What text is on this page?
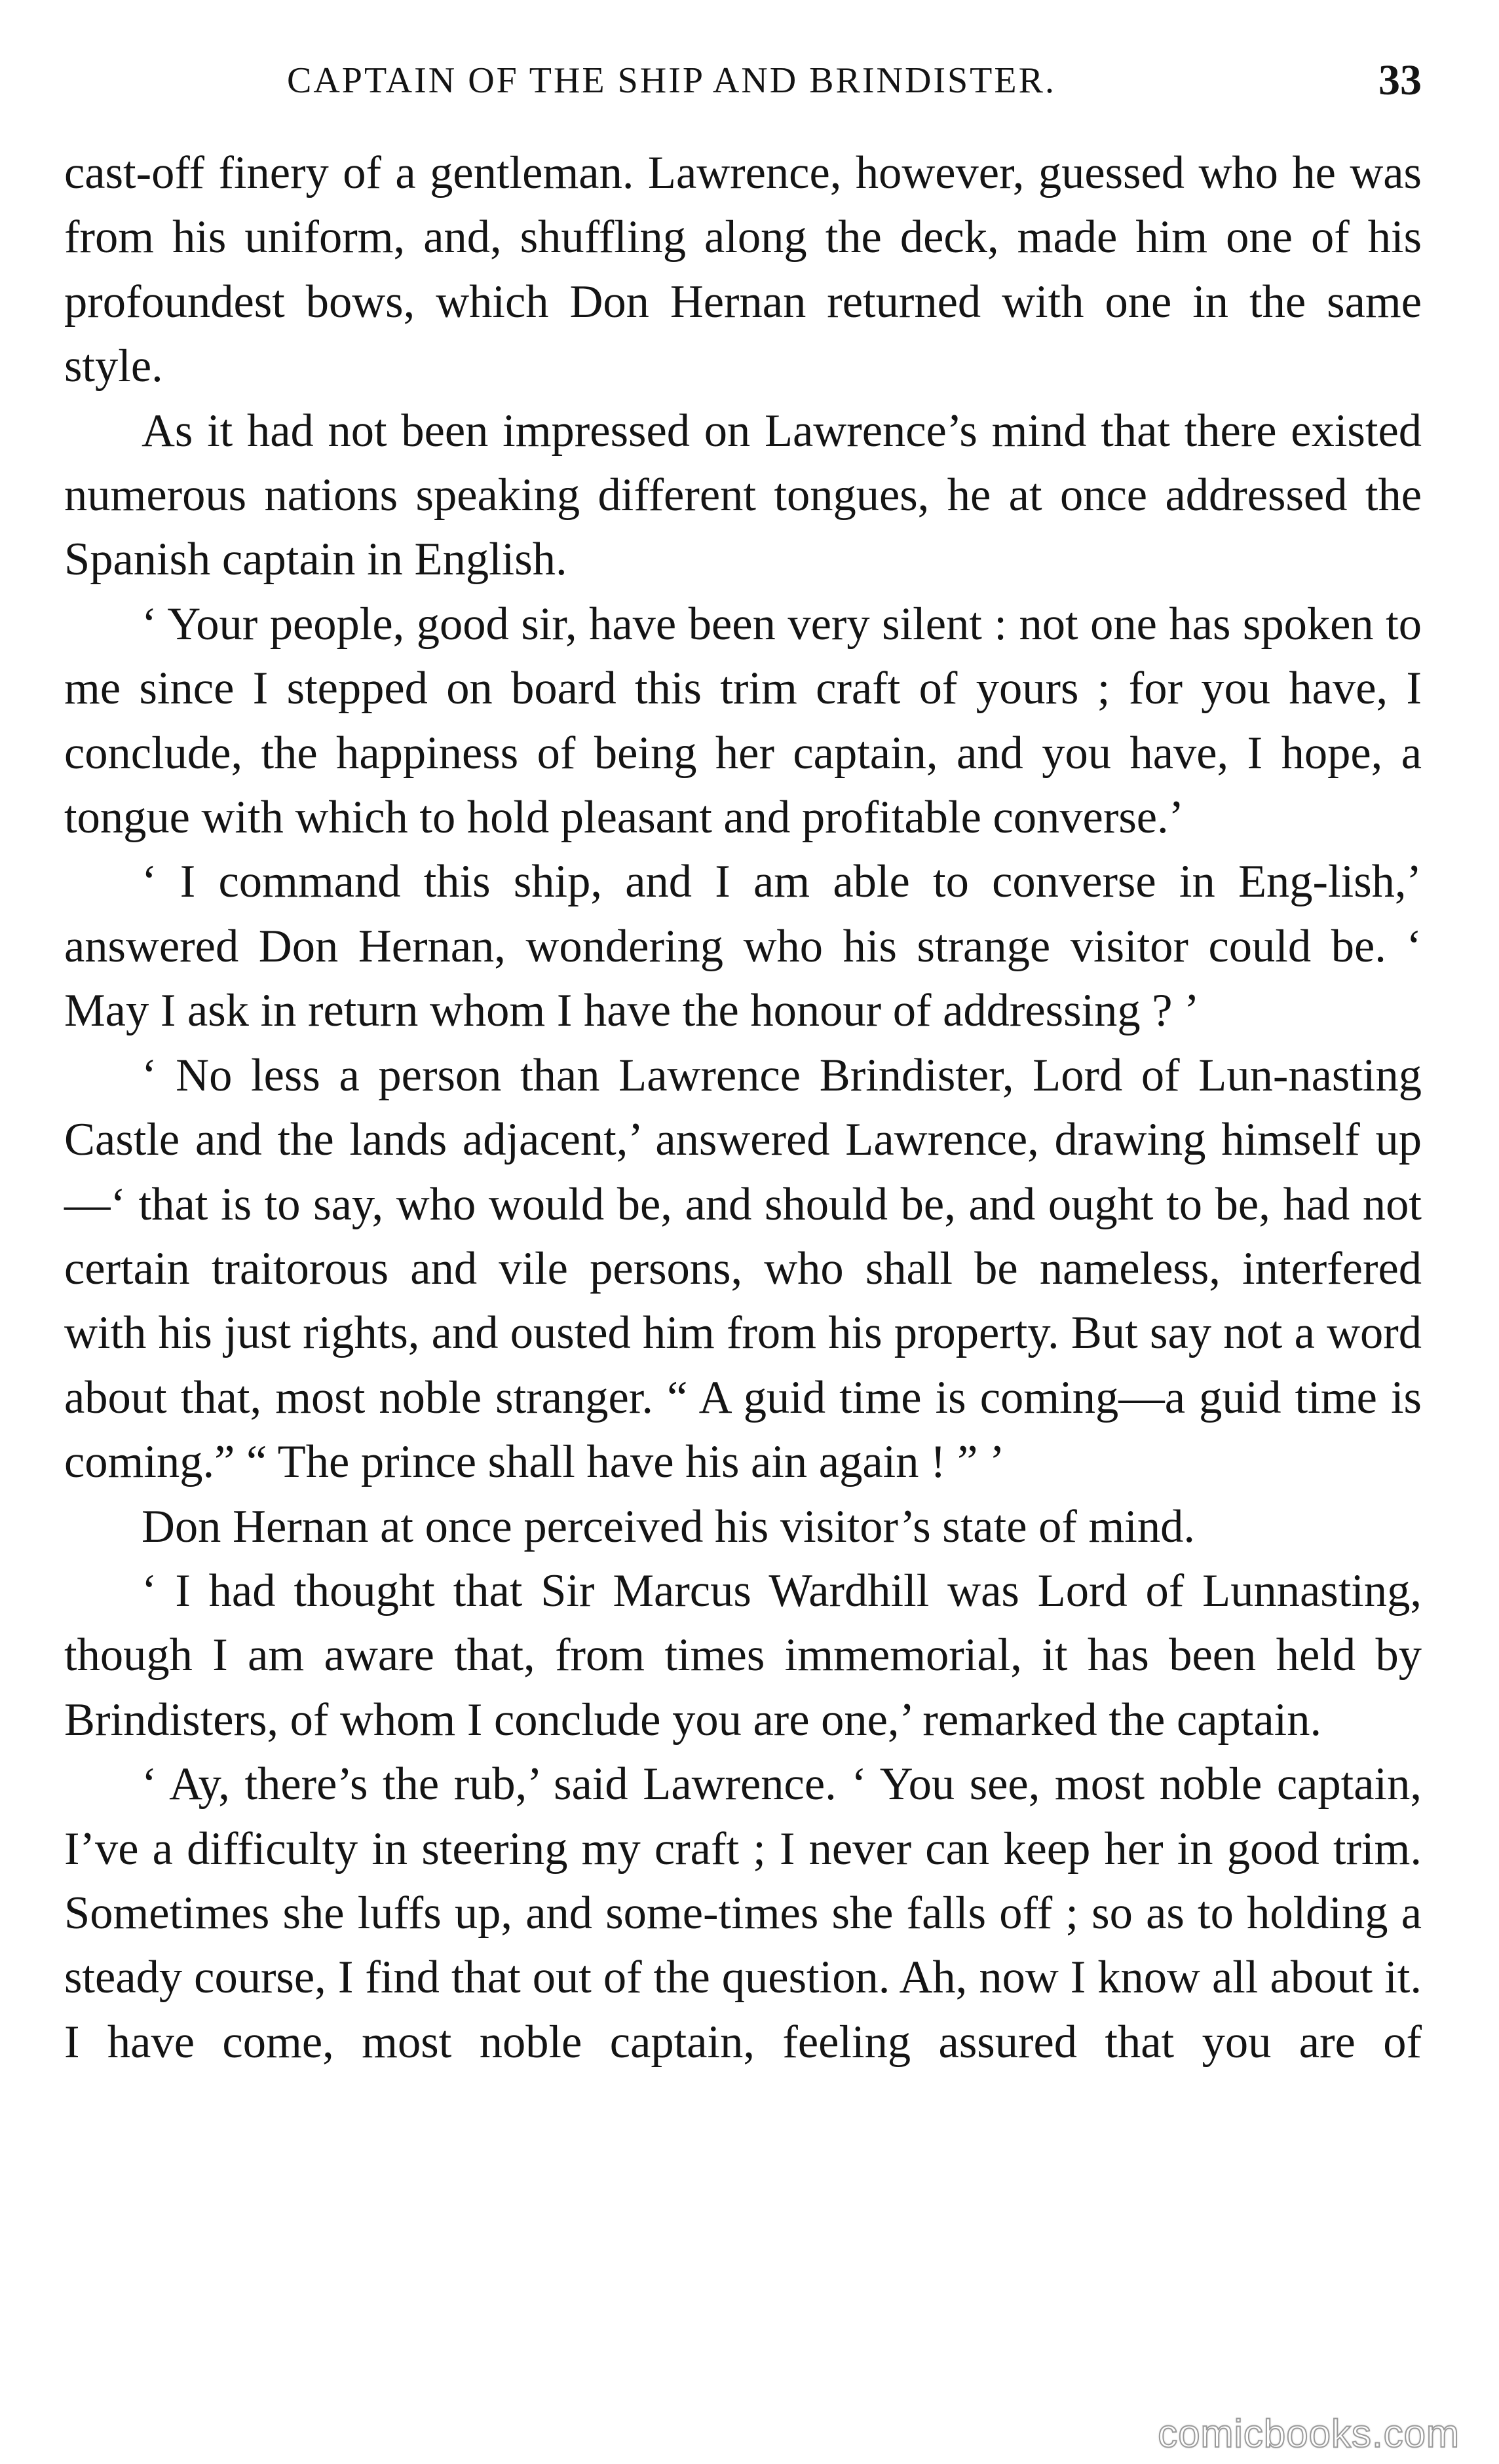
CAPTAIN OF THE SHIP AND BRINDISTER.	33

cast-off finery of a gentleman. Lawrence, however, guessed who he was from his uniform, and, shuffling along the deck, made him one of his profoundest bows, which Don Hernan returned with one in the same style.

As it had not been impressed on Lawrence’s mind that there existed numerous nations speaking different tongues, he at once addressed the Spanish captain in English.

‘ Your people, good sir, have been very silent : not one has spoken to me since I stepped on board this trim craft of yours ; for you have, I conclude, the happiness of being her captain, and you have, I hope, a tongue with which to hold pleasant and profitable converse.’

‘ I command this ship, and I am able to converse in Eng-lish,’ answered Don Hernan, wondering who his strange visitor could be. ‘ May I ask in return whom I have the honour of addressing ? ’

‘ No less a person than Lawrence Brindister, Lord of Lun-nasting Castle and the lands adjacent,’ answered Lawrence, drawing himself up—‘ that is to say, who would be, and should be, and ought to be, had not certain traitorous and vile persons, who shall be nameless, interfered with his just rights, and ousted him from his property. But say not a word about that, most noble stranger. “ A guid time is coming—a guid time is coming.” “ The prince shall have his ain again ! ” ’

Don Hernan at once perceived his visitor’s state of mind.

‘ I had thought that Sir Marcus Wardhill was Lord of Lunnasting, though I am aware that, from times immemorial, it has been held by Brindisters, of whom I conclude you are one,’ remarked the captain.

‘ Ay, there’s the rub,’ said Lawrence. ‘ You see, most noble captain, I’ve a difficulty in steering my craft ; I never can keep her in good trim. Sometimes she luffs up, and some-times she falls off ; so as to holding a steady course, I find that out of the question. Ah, now I know all about it. I have come, most noble captain, feeling assured that you are of

comicbooks.com
